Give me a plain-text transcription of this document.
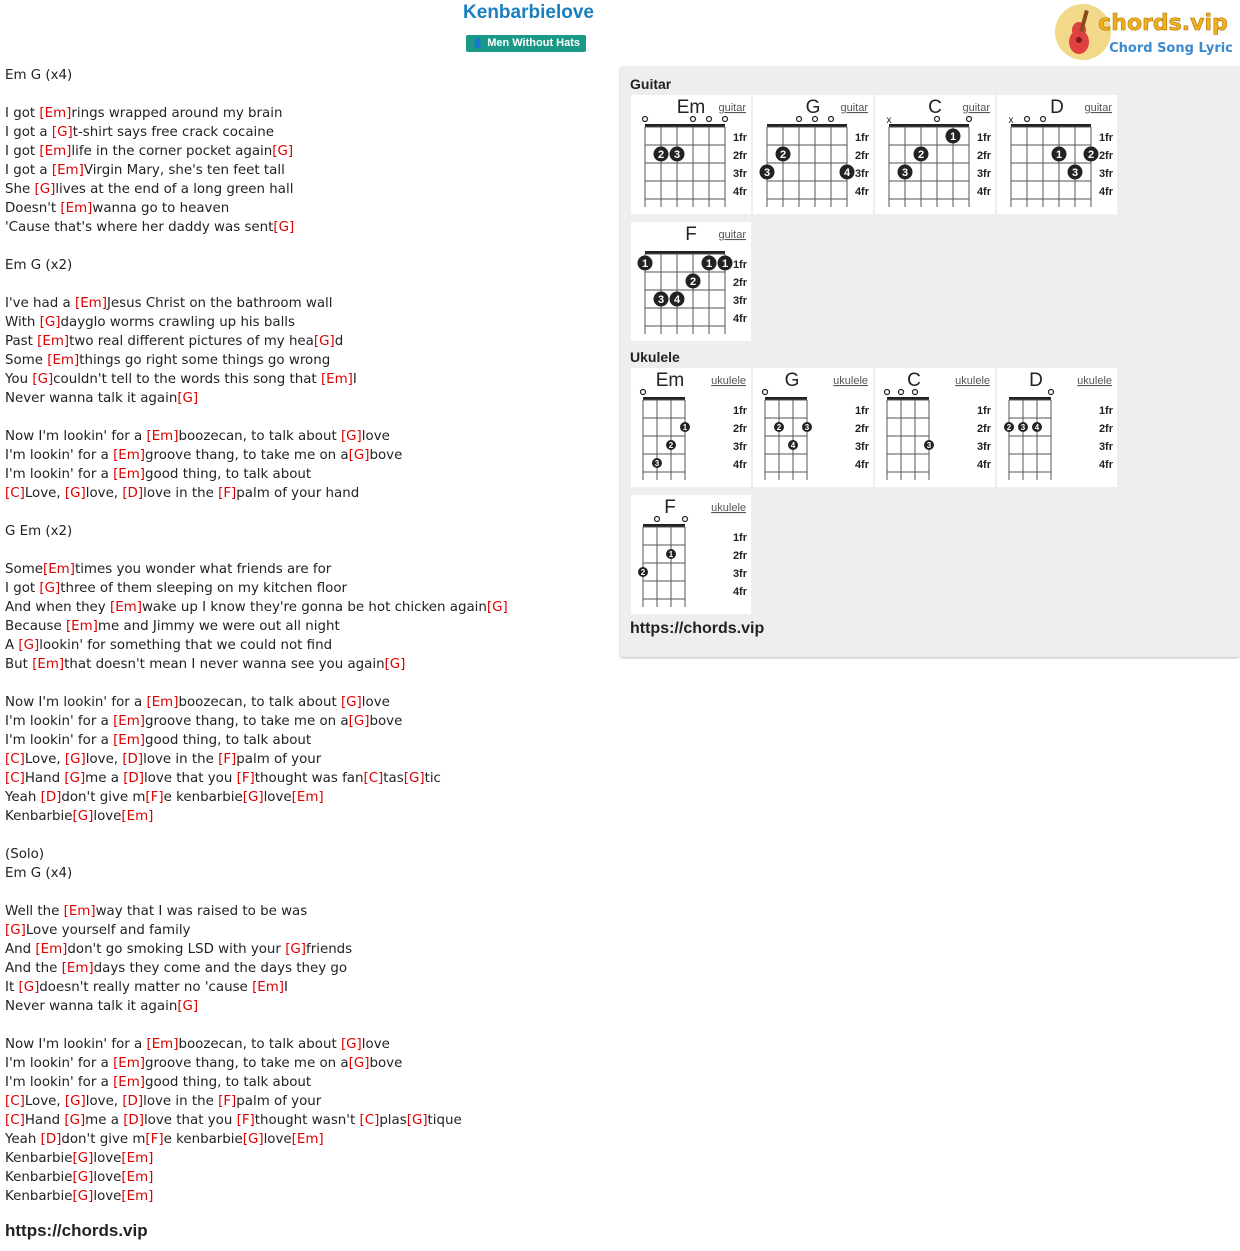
Kenbarbielove
👤 Men Without Hats
chords.vip
Chord Song Lyric
Em G (x4)
I got [Em]rings wrapped around my brain
I got a [G]t-shirt says free crack cocaine
I got [Em]life in the corner pocket again[G]
I got a [Em]Virgin Mary, she's ten feet tall
She [G]lives at the end of a long green hall
Doesn't [Em]wanna go to heaven
'Cause that's where her daddy was sent[G]
Em G (x2)
I've had a [Em]Jesus Christ on the bathroom wall
With [G]dayglo worms crawling up his balls
Past [Em]two real different pictures of my hea[G]d
Some [Em]things go right some things go wrong
You [G]couldn't tell to the words this song that [Em]I
Never wanna talk it again[G]
Now I'm lookin' for a [Em]boozecan, to talk about [G]love
I'm lookin' for a [Em]groove thang, to take me on a[G]bove
I'm lookin' for a [Em]good thing, to talk about
[C]Love, [G]love, [D]love in the [F]palm of your hand
G Em (x2)
Some[Em]times you wonder what friends are for
I got [G]three of them sleeping on my kitchen floor
And when they [Em]wake up I know they're gonna be hot chicken again[G]
Because [Em]me and Jimmy we were out all night
A [G]lookin' for something that we could not find
But [Em]that doesn't mean I never wanna see you again[G]
Now I'm lookin' for a [Em]boozecan, to talk about [G]love
I'm lookin' for a [Em]groove thang, to take me on a[G]bove
I'm lookin' for a [Em]good thing, to talk about
[C]Love, [G]love, [D]love in the [F]palm of your
[C]Hand [G]me a [D]love that you [F]thought was fan[C]tas[G]tic
Yeah [D]don't give m[F]e kenbarbie[G]love[Em]
Kenbarbie[G]love[Em]
(Solo)
Em G (x4)
Well the [Em]way that I was raised to be was
[G]Love yourself and family
And [Em]don't go smoking LSD with your [G]friends
And the [Em]days they come and the days they go
It [G]doesn't really matter no 'cause [Em]I
Never wanna talk it again[G]
Now I'm lookin' for a [Em]boozecan, to talk about [G]love
I'm lookin' for a [Em]groove thang, to take me on a[G]bove
I'm lookin' for a [Em]good thing, to talk about
[C]Love, [G]love, [D]love in the [F]palm of your
[C]Hand [G]me a [D]love that you [F]thought wasn't [C]plas[G]tique
Yeah [D]don't give m[F]e kenbarbie[G]love[Em]
Kenbarbie[G]love[Em]
Kenbarbie[G]love[Em]
Kenbarbie[G]love[Em]
https://chords.vip
Guitar
Ukulele
https://chords.vip
Em guitar
1fr
2fr
3fr
4fr
2 3
G guitar
1fr
2fr
3fr
4fr
3
2
4
C guitar
1fr
2fr
3fr
4fr
x
3
2
1
D guitar
1fr
2fr
3fr
4fr
x
1
3
2
F guitar
1fr
2fr
3fr
4fr
1	1
1
3 4
2
Em ukulele
1fr
2fr
3fr
4fr
1
2
3
G	ukulele
1fr
2fr
3fr
4fr
2	3
4
C	ukulele
1fr
2fr
3fr
4fr
3
D	ukulele
1fr
2fr
3fr
4fr
2 3 4
F	ukulele
1fr
2fr
3fr
4fr
2
1
